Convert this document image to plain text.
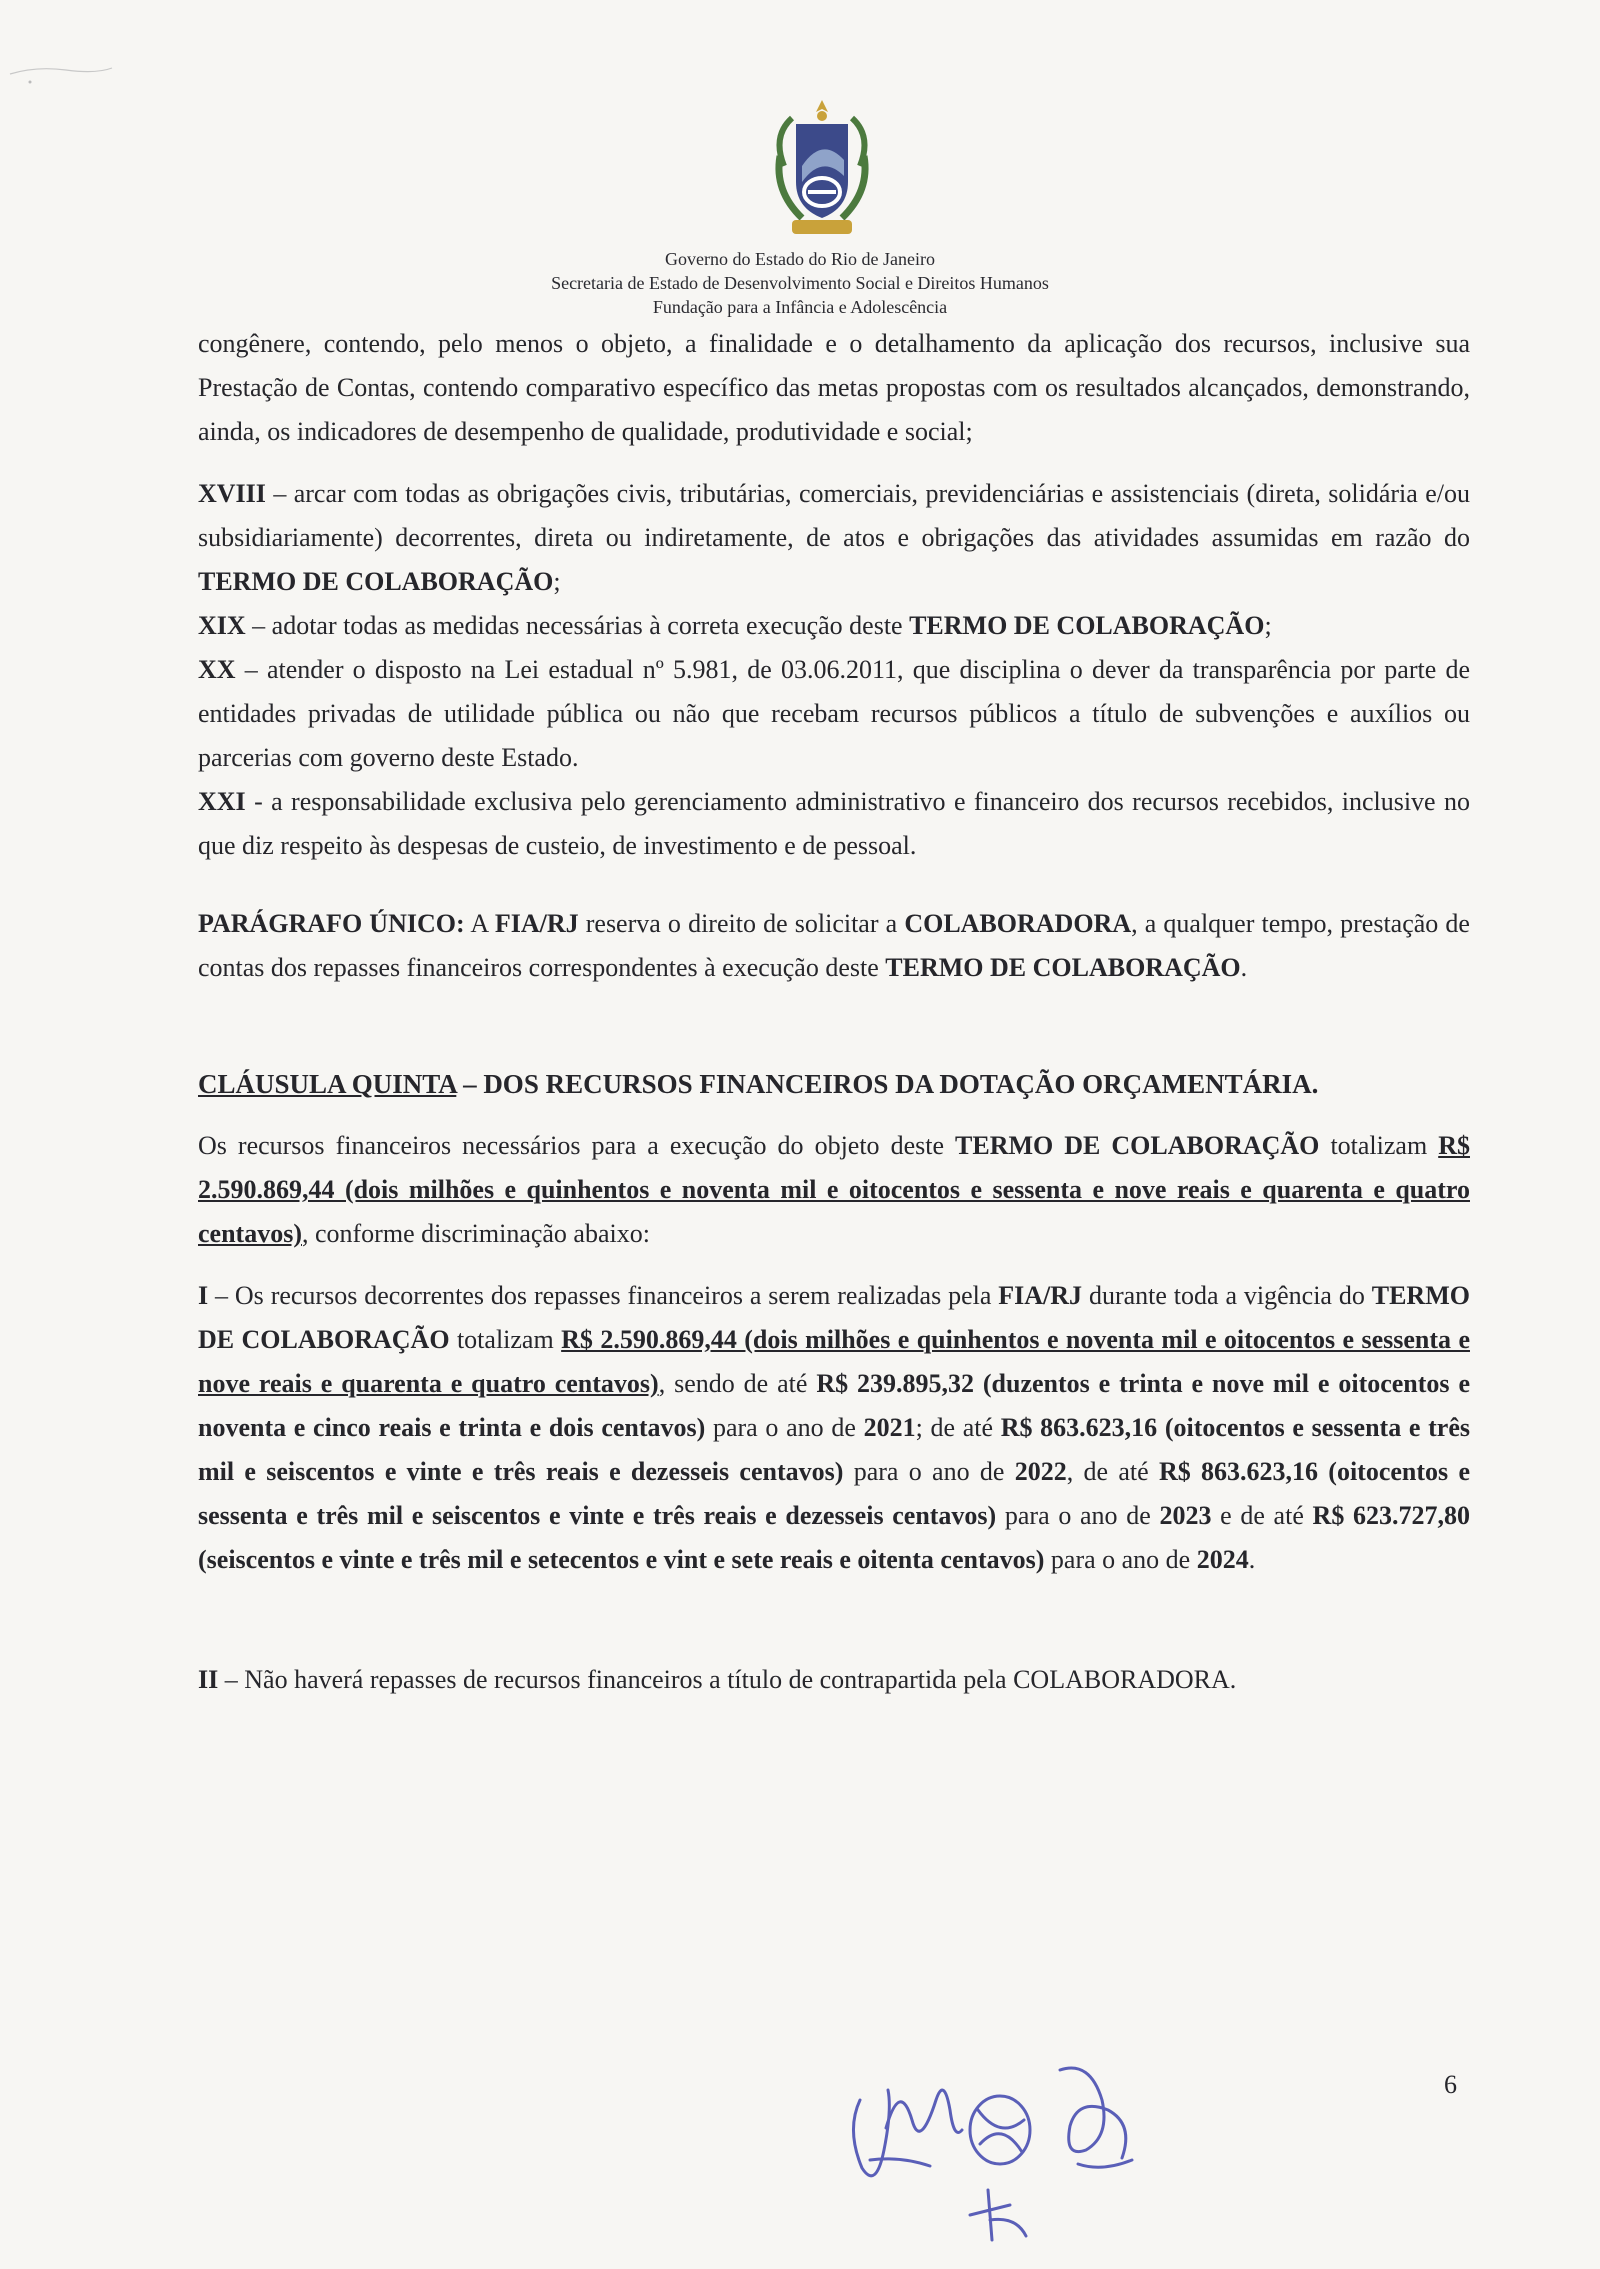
Governo do Estado do Rio de Janeiro
Secretaria de Estado de Desenvolvimento Social e Direitos Humanos
Fundação para a Infância e Adolescência

congênere, contendo, pelo menos o objeto, a finalidade e o detalhamento da aplicação dos recursos, inclusive sua Prestação de Contas, contendo comparativo específico das metas propostas com os resultados alcançados, demonstrando, ainda, os indicadores de desempenho de qualidade, produtividade e social;

XVIII – arcar com todas as obrigações civis, tributárias, comerciais, previdenciárias e assistenciais (direta, solidária e/ou subsidiariamente) decorrentes, direta ou indiretamente, de atos e obrigações das atividades assumidas em razão do TERMO DE COLABORAÇÃO;

XIX – adotar todas as medidas necessárias à correta execução deste TERMO DE COLABORAÇÃO;

XX – atender o disposto na Lei estadual nº 5.981, de 03.06.2011, que disciplina o dever da transparência por parte de entidades privadas de utilidade pública ou não que recebam recursos públicos a título de subvenções e auxílios ou parcerias com governo deste Estado.

XXI - a responsabilidade exclusiva pelo gerenciamento administrativo e financeiro dos recursos recebidos, inclusive no que diz respeito às despesas de custeio, de investimento e de pessoal.

PARÁGRAFO ÚNICO: A FIA/RJ reserva o direito de solicitar a COLABORADORA, a qualquer tempo, prestação de contas dos repasses financeiros correspondentes à execução deste TERMO DE COLABORAÇÃO.

CLÁUSULA QUINTA – DOS RECURSOS FINANCEIROS DA DOTAÇÃO ORÇAMENTÁRIA.

Os recursos financeiros necessários para a execução do objeto deste TERMO DE COLABORAÇÃO totalizam R$ 2.590.869,44 (dois milhões e quinhentos e noventa mil e oitocentos e sessenta e nove reais e quarenta e quatro centavos), conforme discriminação abaixo:

I – Os recursos decorrentes dos repasses financeiros a serem realizadas pela FIA/RJ durante toda a vigência do TERMO DE COLABORAÇÃO totalizam R$ 2.590.869,44 (dois milhões e quinhentos e noventa mil e oitocentos e sessenta e nove reais e quarenta e quatro centavos), sendo de até R$ 239.895,32 (duzentos e trinta e nove mil e oitocentos e noventa e cinco reais e trinta e dois centavos) para o ano de 2021; de até R$ 863.623,16 (oitocentos e sessenta e três mil e seiscentos e vinte e três reais e dezesseis centavos) para o ano de 2022, de até R$ 863.623,16 (oitocentos e sessenta e três mil e seiscentos e vinte e três reais e dezesseis centavos) para o ano de 2023 e de até R$ 623.727,80 (seiscentos e vinte e três mil e setecentos e vint e sete reais e oitenta centavos) para o ano de 2024.

II – Não haverá repasses de recursos financeiros a título de contrapartida pela COLABORADORA.

6
